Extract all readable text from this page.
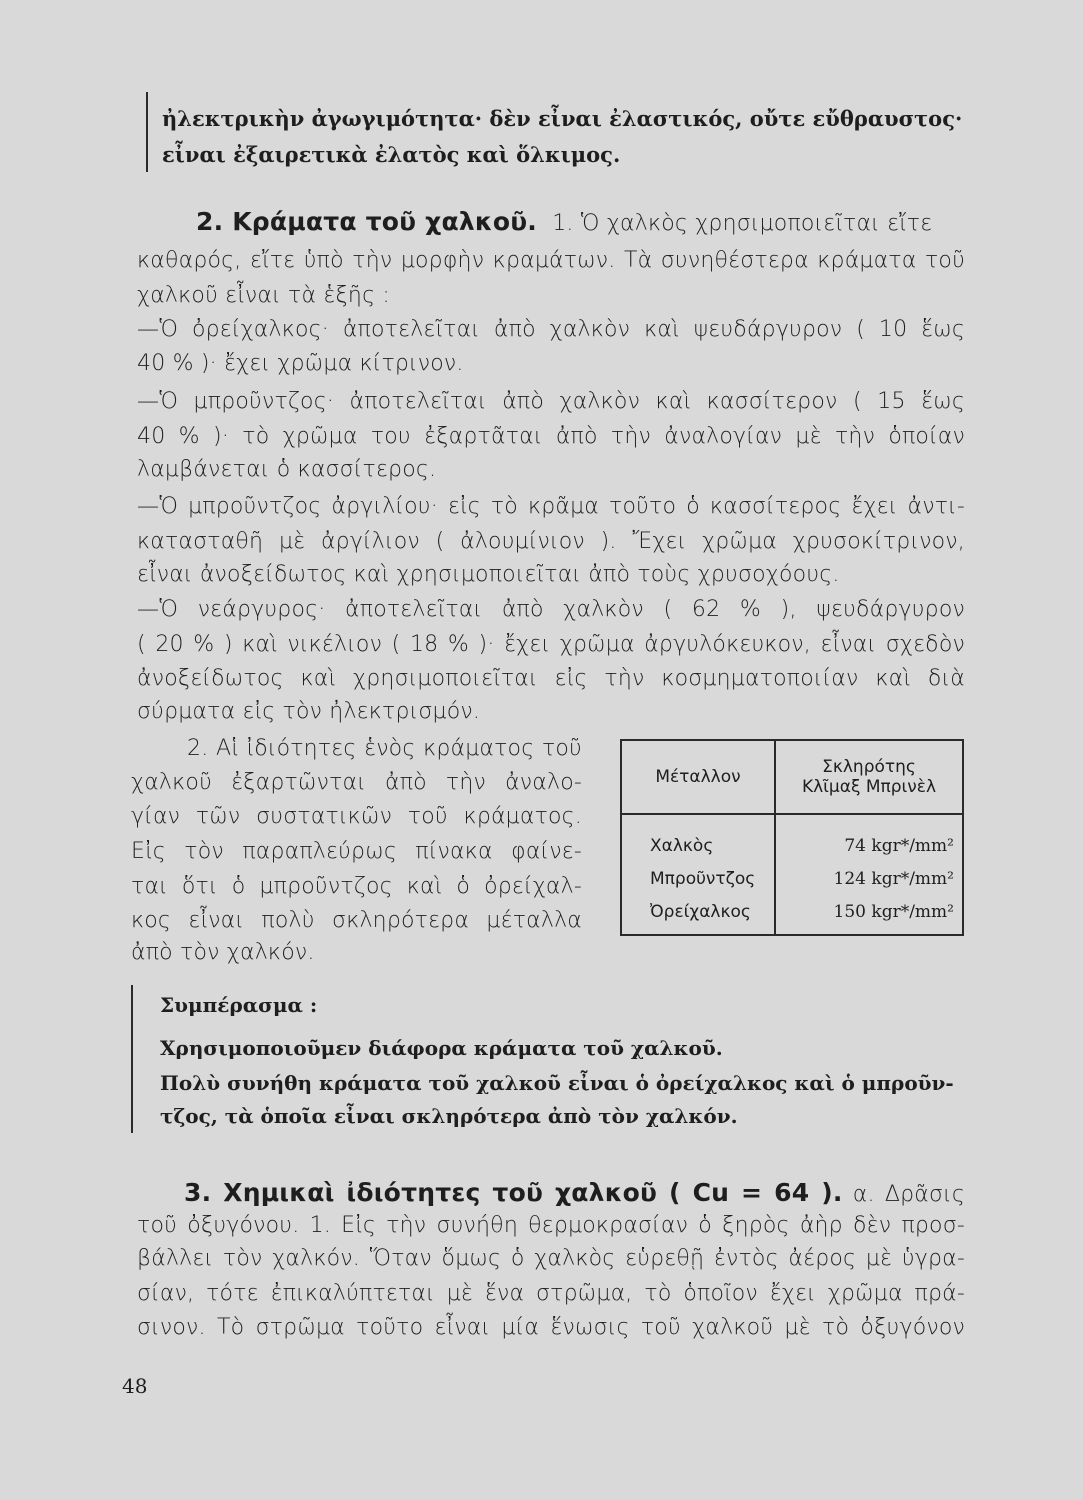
ἠλεκτρικὴν ἀγωγιμότητα· δὲν εἶναι ἐλαστικός, οὔτε εὔθραυστος·
εἶναι ἐξαιρετικὰ ἐλατὸς καὶ ὅλκιμος.
2. Κράματα τοῦ χαλκοῦ. 1. Ὁ χαλκὸς χρησιμοποιεῖται εἴτε
καθαρός, εἴτε ὑπὸ τὴν μορφὴν κραμάτων. Τὰ συνηθέστερα κράματα τοῦ
χαλκοῦ εἶναι τὰ ἑξῆς :
—Ὁ ὀρείχαλκος· ἀποτελεῖται ἀπὸ χαλκὸν καὶ ψευδάργυρον ( 10 ἕως
40 % )· ἔχει χρῶμα κίτρινον.
—Ὁ μπροῦντζος· ἀποτελεῖται ἀπὸ χαλκὸν καὶ κασσίτερον ( 15 ἕως
40 % )· τὸ χρῶμα του ἐξαρτᾶται ἀπὸ τὴν ἀναλογίαν μὲ τὴν ὁποίαν
λαμβάνεται ὁ κασσίτερος.
—Ὁ μπροῦντζος ἀργιλίου· εἰς τὸ κρᾶμα τοῦτο ὁ κασσίτερος ἔχει ἀντι-
κατασταθῆ μὲ ἀργίλιον ( ἀλουμίνιον ). Ἔχει χρῶμα χρυσοκίτρινον,
εἶναι ἀνοξείδωτος καὶ χρησιμοποιεῖται ἀπὸ τοὺς χρυσοχόους.
—Ὁ νεάργυρος· ἀποτελεῖται ἀπὸ χαλκὸν ( 62 % ), ψευδάργυρον
( 20 % ) καὶ νικέλιον ( 18 % )· ἔχει χρῶμα ἀργυλόκευκον, εἶναι σχεδὸν
ἀνοξείδωτος καὶ χρησιμοποιεῖται εἰς τὴν κοσμηματοποιίαν καὶ διὰ
σύρματα εἰς τὸν ἠλεκτρισμόν.
2. Αἱ ἰδιότητες ἑνὸς κράματος τοῦ
χαλκοῦ ἐξαρτῶνται ἀπὸ τὴν ἀναλο-
γίαν τῶν συστατικῶν τοῦ κράματος.
Εἰς τὸν παραπλεύρως πίνακα φαίνε-
ται ὅτι ὁ μπροῦντζος καὶ ὁ ὀρείχαλ-
κος εἶναι πολὺ σκληρότερα μέταλλα
ἀπὸ τὸν χαλκόν.
Μέταλλον	Σκληρότης
Κλῖμαξ Μπρινὲλ

Χαλκὸς	74 kgr*/mm²
Μπροῦντζος	124 kgr*/mm²
Ὀρείχαλκος	150 kgr*/mm²
Συμπέρασμα :
Χρησιμοποιοῦμεν διάφορα κράματα τοῦ χαλκοῦ.
Πολὺ συνήθη κράματα τοῦ χαλκοῦ εἶναι ὁ ὀρείχαλκος καὶ ὁ μπροῦν-
τζος, τὰ ὁποῖα εἶναι σκληρότερα ἀπὸ τὸν χαλκόν.
3. Χημικαὶ ἰδιότητες τοῦ χαλκοῦ ( Cu = 64 ). α. Δρᾶσις
τοῦ ὀξυγόνου. 1. Εἰς τὴν συνήθη θερμοκρασίαν ὁ ξηρὸς ἀὴρ δὲν προσ-
βάλλει τὸν χαλκόν. Ὅταν ὅμως ὁ χαλκὸς εὑρεθῇ ἐντὸς ἀέρος μὲ ὑγρα-
σίαν, τότε ἐπικαλύπτεται μὲ ἕνα στρῶμα, τὸ ὁποῖον ἔχει χρῶμα πρά-
σινον. Τὸ στρῶμα τοῦτο εἶναι μία ἕνωσις τοῦ χαλκοῦ μὲ τὸ ὀξυγόνον
48
